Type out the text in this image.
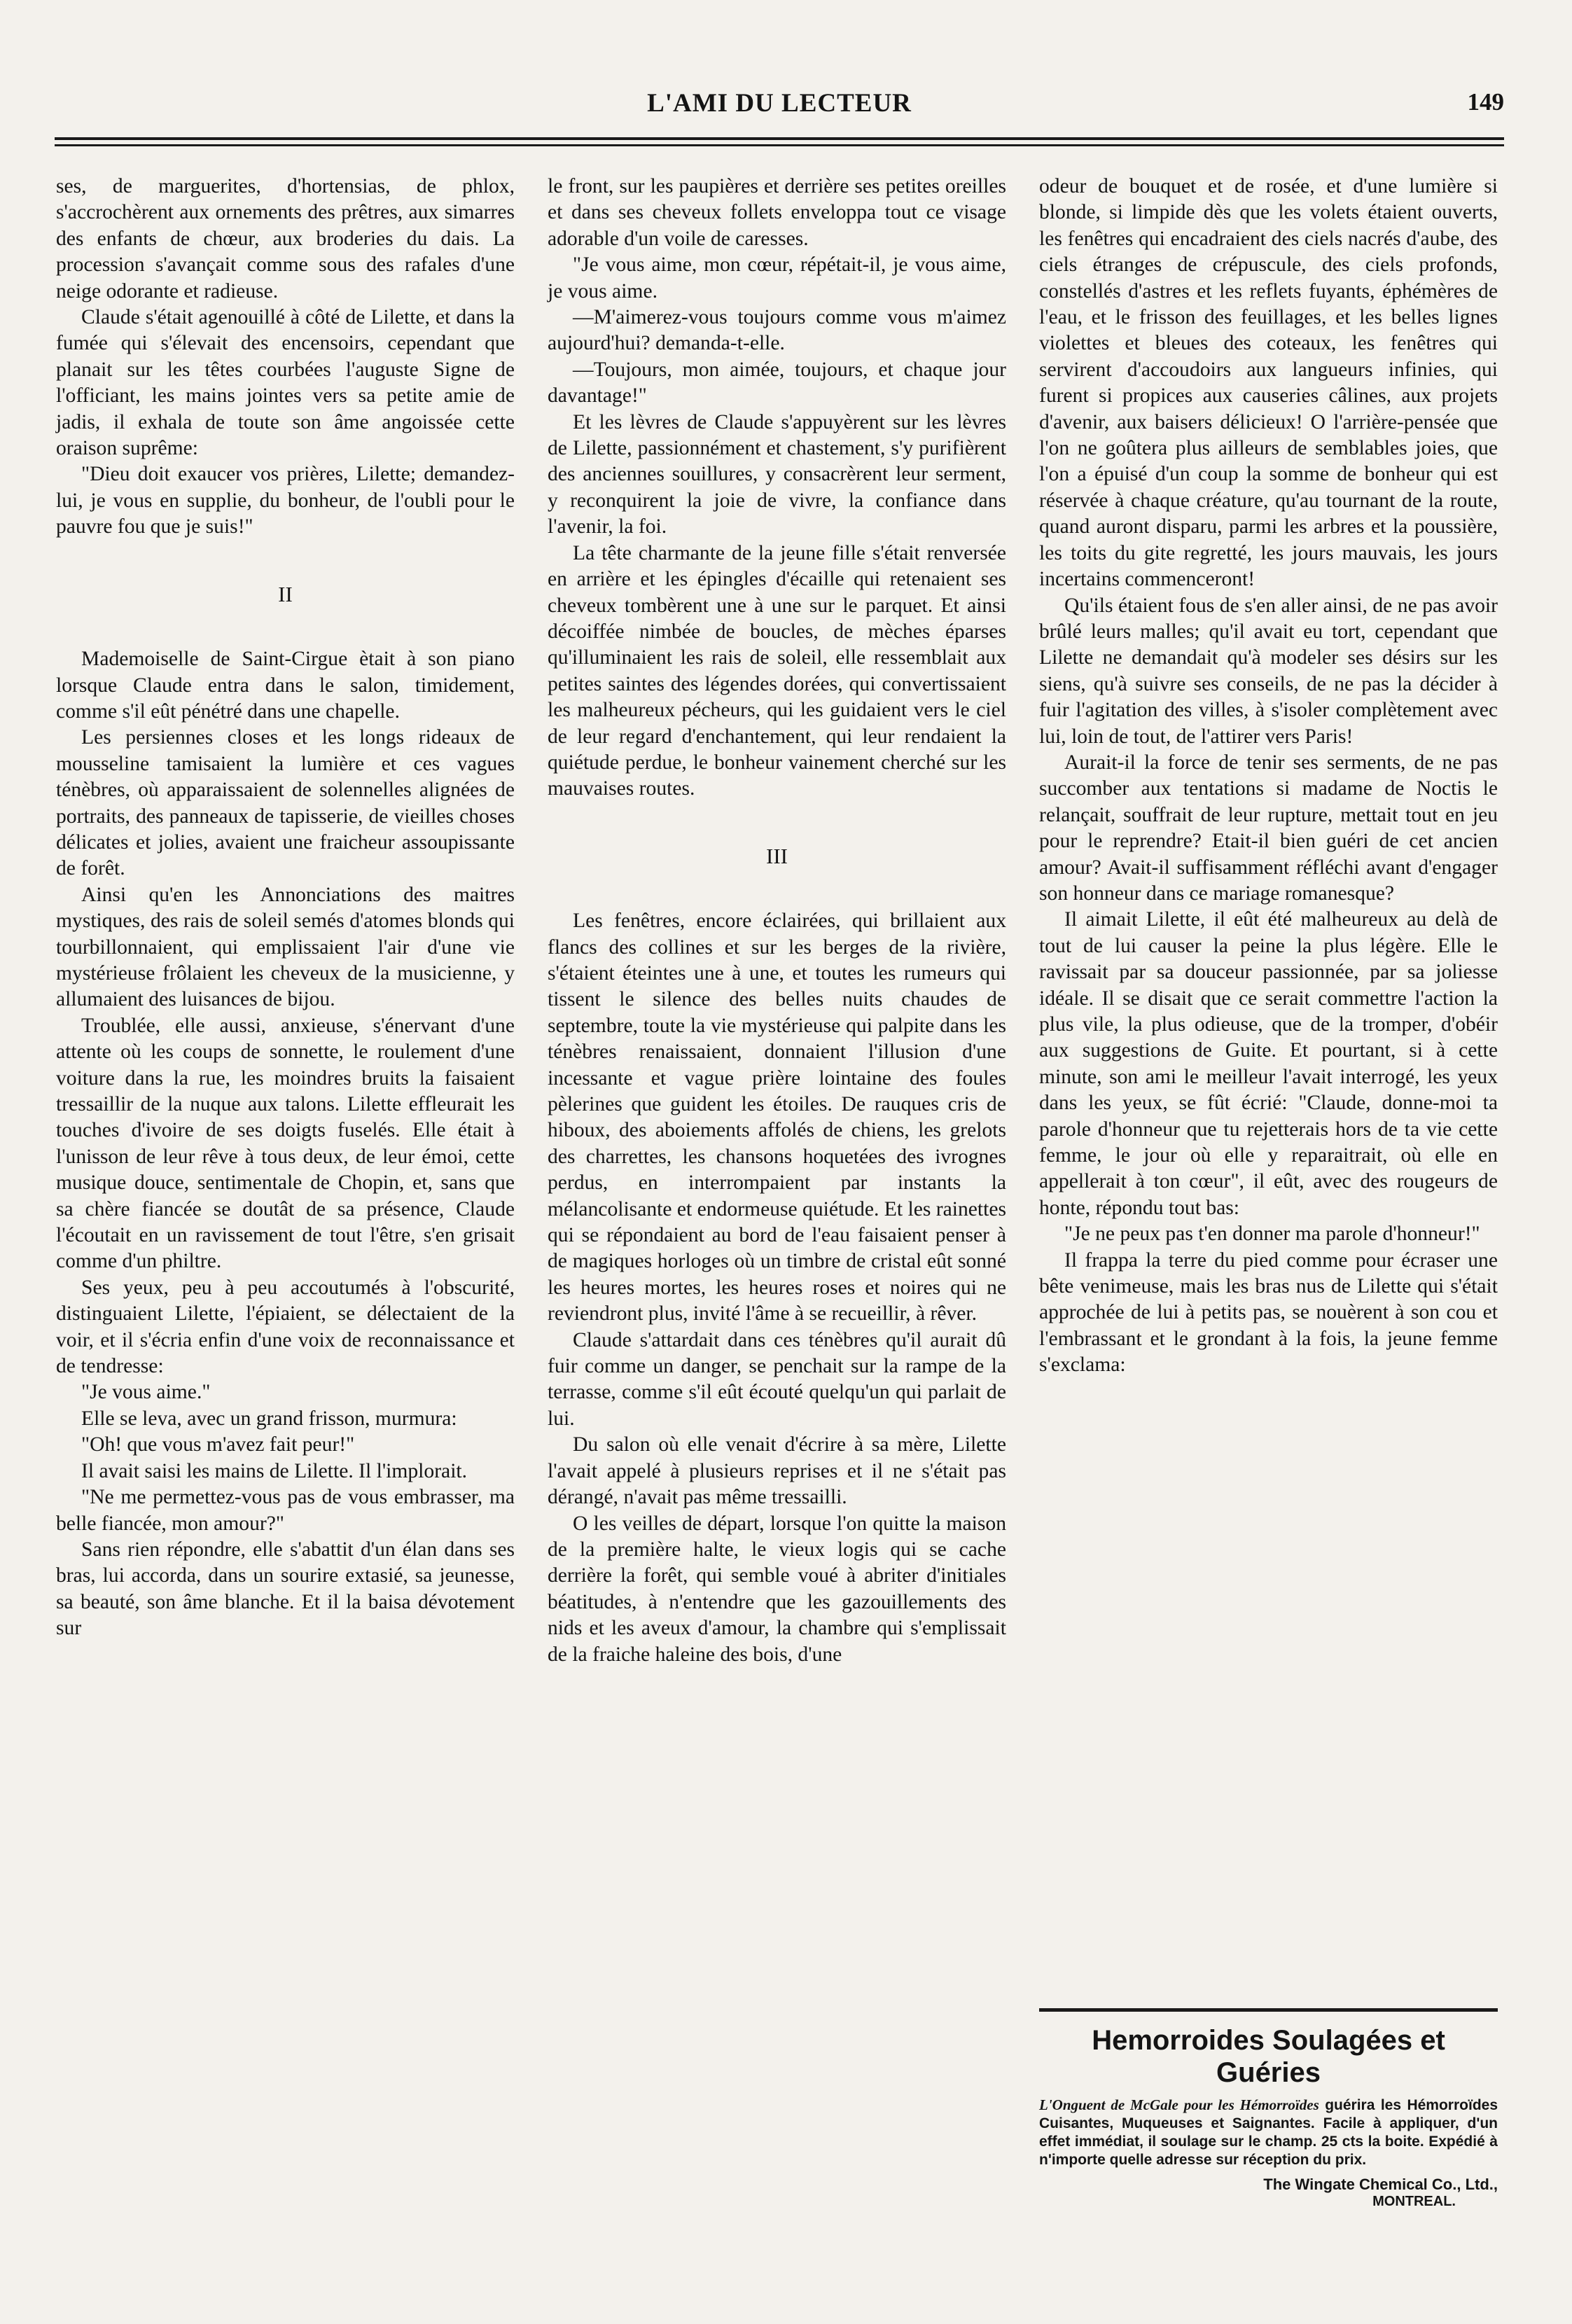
L'AMI DU LECTEUR	149

ses, de marguerites, d'hortensias, de phlox, s'accrochèrent aux ornements des prêtres, aux simarres des enfants de chœur, aux broderies du dais. La procession s'avançait comme sous des rafales d'une neige odorante et radieuse.

Claude s'était agenouillé à côté de Lilette, et dans la fumée qui s'élevait des encensoirs, cependant que planait sur les têtes courbées l'auguste Signe de l'officiant, les mains jointes vers sa petite amie de jadis, il exhala de toute son âme angoissée cette oraison suprême:

"Dieu doit exaucer vos prières, Lilette; demandez-lui, je vous en supplie, du bonheur, de l'oubli pour le pauvre fou que je suis!"

II

Mademoiselle de Saint-Cirgue ètait à son piano lorsque Claude entra dans le salon, timidement, comme s'il eût pénétré dans une chapelle.

Les persiennes closes et les longs rideaux de mousseline tamisaient la lumière et ces vagues ténèbres, où apparaissaient de solennelles alignées de portraits, des panneaux de tapisserie, de vieilles choses délicates et jolies, avaient une fraicheur assoupissante de forêt.

Ainsi qu'en les Annonciations des maitres mystiques, des rais de soleil semés d'atomes blonds qui tourbillonnaient, qui emplissaient l'air d'une vie mystérieuse frôlaient les cheveux de la musicienne, y allumaient des luisances de bijou.

Troublée, elle aussi, anxieuse, s'énervant d'une attente où les coups de sonnette, le roulement d'une voiture dans la rue, les moindres bruits la faisaient tressaillir de la nuque aux talons. Lilette effleurait les touches d'ivoire de ses doigts fuselés. Elle était à l'unisson de leur rêve à tous deux, de leur émoi, cette musique douce, sentimentale de Chopin, et, sans que sa chère fiancée se doutât de sa présence, Claude l'écoutait en un ravissement de tout l'être, s'en grisait comme d'un philtre.

Ses yeux, peu à peu accoutumés à l'obscurité, distinguaient Lilette, l'épiaient, se délectaient de la voir, et il s'écria enfin d'une voix de reconnaissance et de tendresse:

"Je vous aime."

Elle se leva, avec un grand frisson, murmura:

"Oh! que vous m'avez fait peur!"

Il avait saisi les mains de Lilette. Il l'implorait.

"Ne me permettez-vous pas de vous embrasser, ma belle fiancée, mon amour?"

Sans rien répondre, elle s'abattit d'un élan dans ses bras, lui accorda, dans un sourire extasié, sa jeunesse, sa beauté, son âme blanche. Et il la baisa dévotement sur

le front, sur les paupières et derrière ses petites oreilles et dans ses cheveux follets enveloppa tout ce visage adorable d'un voile de caresses.

"Je vous aime, mon cœur, répétait-il, je vous aime, je vous aime.

—M'aimerez-vous toujours comme vous m'aimez aujourd'hui? demanda-t-elle.

—Toujours, mon aimée, toujours, et chaque jour davantage!"

Et les lèvres de Claude s'appuyèrent sur les lèvres de Lilette, passionnément et chastement, s'y purifièrent des anciennes souillures, y consacrèrent leur serment, y reconquirent la joie de vivre, la confiance dans l'avenir, la foi.

La tête charmante de la jeune fille s'était renversée en arrière et les épingles d'écaille qui retenaient ses cheveux tombèrent une à une sur le parquet. Et ainsi décoiffée nimbée de boucles, de mèches éparses qu'illuminaient les rais de soleil, elle ressemblait aux petites saintes des légendes dorées, qui convertissaient les malheureux pécheurs, qui les guidaient vers le ciel de leur regard d'enchantement, qui leur rendaient la quiétude perdue, le bonheur vainement cherché sur les mauvaises routes.

III

Les fenêtres, encore éclairées, qui brillaient aux flancs des collines et sur les berges de la rivière, s'étaient éteintes une à une, et toutes les rumeurs qui tissent le silence des belles nuits chaudes de septembre, toute la vie mystérieuse qui palpite dans les ténèbres renaissaient, donnaient l'illusion d'une incessante et vague prière lointaine des foules pèlerines que guident les étoiles. De rauques cris de hiboux, des aboiements affolés de chiens, les grelots des charrettes, les chansons hoquetées des ivrognes perdus, en interrompaient par instants la mélancolisante et endormeuse quiétude. Et les rainettes qui se répondaient au bord de l'eau faisaient penser à de magiques horloges où un timbre de cristal eût sonné les heures mortes, les heures roses et noires qui ne reviendront plus, invité l'âme à se recueillir, à rêver.

Claude s'attardait dans ces ténèbres qu'il aurait dû fuir comme un danger, se penchait sur la rampe de la terrasse, comme s'il eût écouté quelqu'un qui parlait de lui.

Du salon où elle venait d'écrire à sa mère, Lilette l'avait appelé à plusieurs reprises et il ne s'était pas dérangé, n'avait pas même tressailli.

O les veilles de départ, lorsque l'on quitte la maison de la première halte, le vieux logis qui se cache derrière la forêt, qui semble voué à abriter d'initiales béatitudes, à n'entendre que les gazouillements des nids et les aveux d'amour, la chambre qui s'emplissait de la fraiche haleine des bois, d'une

odeur de bouquet et de rosée, et d'une lumière si blonde, si limpide dès que les volets étaient ouverts, les fenêtres qui encadraient des ciels nacrés d'aube, des ciels étranges de crépuscule, des ciels profonds, constellés d'astres et les reflets fuyants, éphémères de l'eau, et le frisson des feuillages, et les belles lignes violettes et bleues des coteaux, les fenêtres qui servirent d'accoudoirs aux langueurs infinies, qui furent si propices aux causeries câlines, aux projets d'avenir, aux baisers délicieux! O l'arrière-pensée que l'on ne goûtera plus ailleurs de semblables joies, que l'on a épuisé d'un coup la somme de bonheur qui est réservée à chaque créature, qu'au tournant de la route, quand auront disparu, parmi les arbres et la poussière, les toits du gite regretté, les jours mauvais, les jours incertains commenceront!

Qu'ils étaient fous de s'en aller ainsi, de ne pas avoir brûlé leurs malles; qu'il avait eu tort, cependant que Lilette ne demandait qu'à modeler ses désirs sur les siens, qu'à suivre ses conseils, de ne pas la décider à fuir l'agitation des villes, à s'isoler complètement avec lui, loin de tout, de l'attirer vers Paris!

Aurait-il la force de tenir ses serments, de ne pas succomber aux tentations si madame de Noctis le relançait, souffrait de leur rupture, mettait tout en jeu pour le reprendre? Etait-il bien guéri de cet ancien amour? Avait-il suffisamment réfléchi avant d'engager son honneur dans ce mariage romanesque?

Il aimait Lilette, il eût été malheureux au delà de tout de lui causer la peine la plus légère. Elle le ravissait par sa douceur passionnée, par sa joliesse idéale. Il se disait que ce serait commettre l'action la plus vile, la plus odieuse, que de la tromper, d'obéir aux suggestions de Guite. Et pourtant, si à cette minute, son ami le meilleur l'avait interrogé, les yeux dans les yeux, se fût écrié: "Claude, donne-moi ta parole d'honneur que tu rejetterais hors de ta vie cette femme, le jour où elle y reparaitrait, où elle en appellerait à ton cœur", il eût, avec des rougeurs de honte, répondu tout bas:

"Je ne peux pas t'en donner ma parole d'honneur!"

Il frappa la terre du pied comme pour écraser une bête venimeuse, mais les bras nus de Lilette qui s'était approchée de lui à petits pas, se nouèrent à son cou et l'embrassant et le grondant à la fois, la jeune femme s'exclama:

Hemorroides Soulagées et Guéries
L'Onguent de McGale pour les Hémorroïdes guérira les Hémorroïdes Cuisantes, Muqueuses et Saignantes. Facile à appliquer, d'un effet immédiat, il soulage sur le champ. 25 cts la boite. Expédié à n'importe quelle adresse sur réception du prix.
The Wingate Chemical Co., Ltd.,
MONTREAL.
